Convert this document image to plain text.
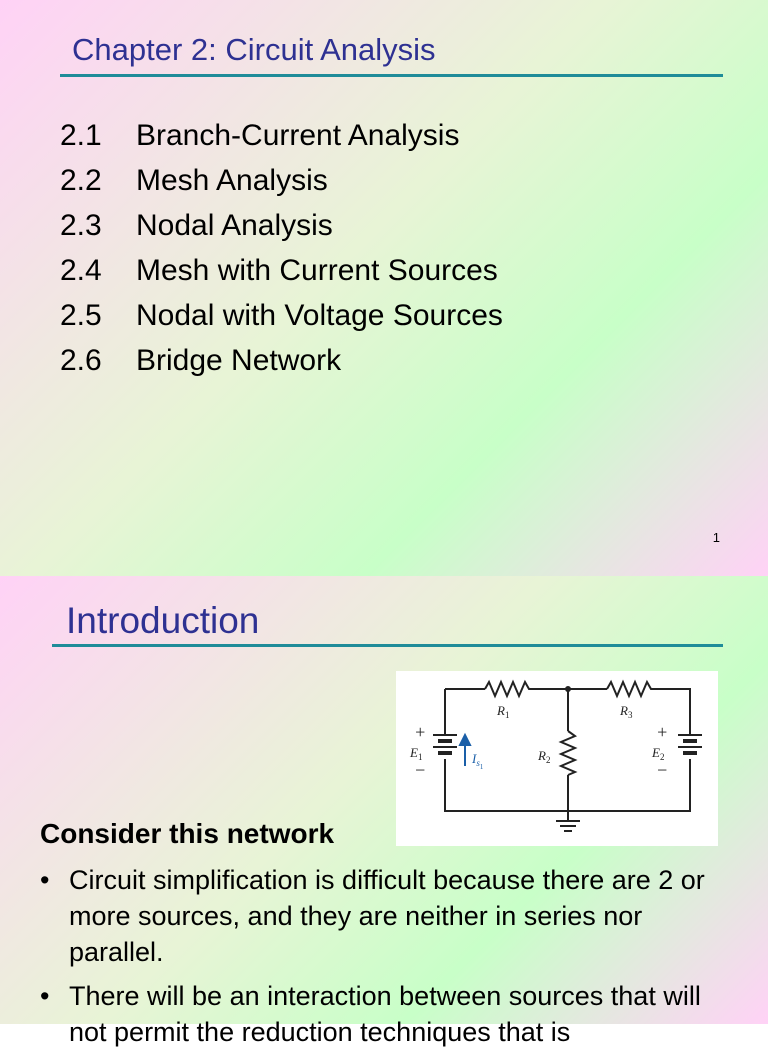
Chapter 2: Circuit Analysis
2.1	Branch-Current Analysis
2.2	Mesh Analysis
2.3	Nodal Analysis
2.4	Mesh with Current Sources
2.5	Nodal with Voltage Sources
2.6	Bridge Network
1
Introduction
$R_1$	$R_3$
$R_2$
$E_1$	$E_2$
$I_{s1}$
+
−
+
−
Consider this network
• Circuit simplification is difficult because there are 2 or more sources, and they are neither in series nor parallel.
• There will be an interaction between sources that will not permit the reduction techniques that is
